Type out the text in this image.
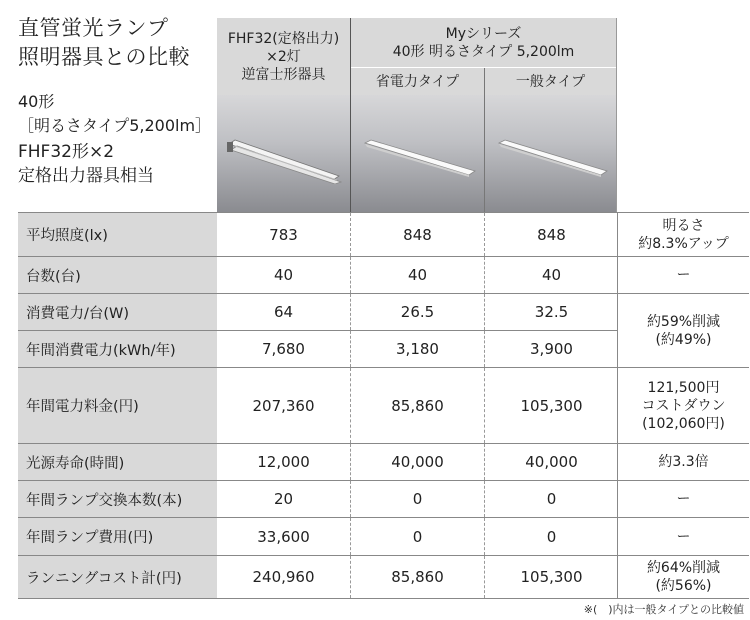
直管蛍光ランプ
照明器具との比較
40形
［明るさタイプ5,200lm］
FHF32形×2
定格出力器具相当
FHF32(定格出力)
×2灯
逆富士形器具
Myシリーズ
40形 明るさタイプ 5,200lm
省電力タイプ	一般タイプ
平均照度(lx)	783	848	848	明るさ
約8.3%アップ
台数(台)	40	40	40	ー
消費電力/台(W)	64	26.5	32.5
年間消費電力(kWh/年)	7,680	3,180	3,900
約59%削減
(約49%)
年間電力料金(円)	207,360	85,860	105,300
121,500円
コストダウン
(102,060円)
光源寿命(時間)	12,000	40,000	40,000	約3.3倍
年間ランプ交換本数(本)	20	0	0	ー
年間ランプ費用(円)	33,600	0	0	ー
ランニングコスト計(円)	240,960	85,860	105,300	約64%削減
(約56%)
※(　)内は一般タイプとの比較値
